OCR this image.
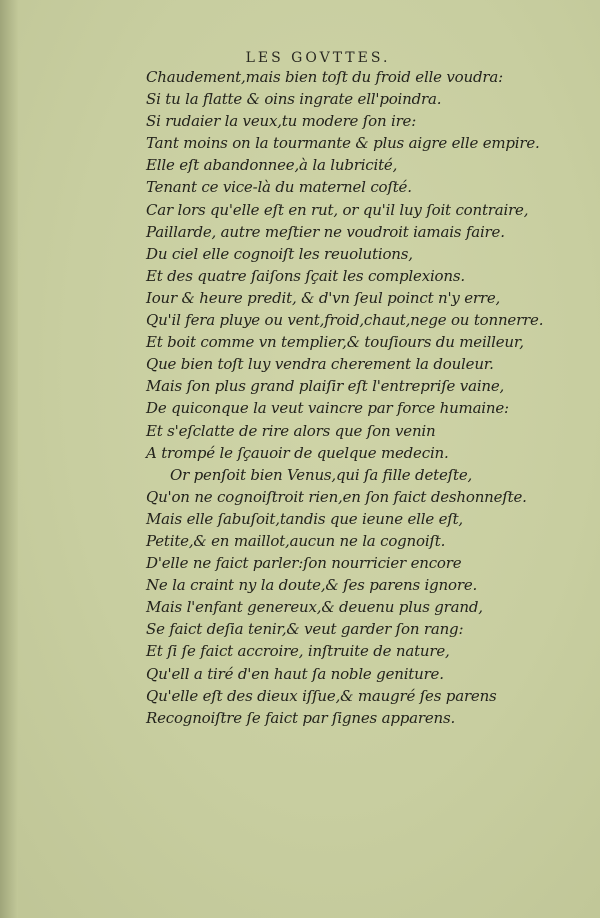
LES GOVTTES.
Chaudement,mais bien toſt du froid elle voudra:
Si tu la flatte & oins ingrate ell'poindra.
Si rudaier la veux,tu modere ſon ire:
Tant moins on la tourmante & plus aigre elle empire.
Elle eſt abandonnee,à la lubricité,
Tenant ce vice-là du maternel coſté.
Car lors qu'elle eſt en rut, or qu'il luy ſoit contraire,
Paillarde, autre meſtier ne voudroit iamais faire.
Du ciel elle cognoiſt les reuolutions,
Et des quatre ſaiſons ſçait les complexions.
Iour & heure predit, & d'vn ſeul poinct n'y erre,
Qu'il fera pluye ou vent,froid,chaut,nege ou tonnerre.
Et boit comme vn templier,& touſiours du meilleur,
Que bien toſt luy vendra cherement la douleur.
Mais ſon plus grand plaiſir eſt l'entrepriſe vaine,
De quiconque la veut vaincre par force humaine:
Et s'eſclatte de rire alors que ſon venin
A trompé le ſçauoir de quelque medecin.
Or penſoit bien Venus,qui ſa fille deteſte,
Qu'on ne cognoiſtroit rien,en ſon faict deshonneſte.
Mais elle ſabuſoit,tandis que ieune elle eſt,
Petite,& en maillot,aucun ne la cognoiſt.
D'elle ne faict parler:ſon nourricier encore
Ne la craint ny la doute,& ſes parens ignore.
Mais l'enfant genereux,& deuenu plus grand,
Se faict deſia tenir,& veut garder ſon rang:
Et ſi ſe faict accroire, inſtruite de nature,
Qu'ell a tiré d'en haut ſa noble geniture.
Qu'elle eſt des dieux iſſue,& maugré ſes parens
Recognoiſtre ſe faict par ſignes apparens.
